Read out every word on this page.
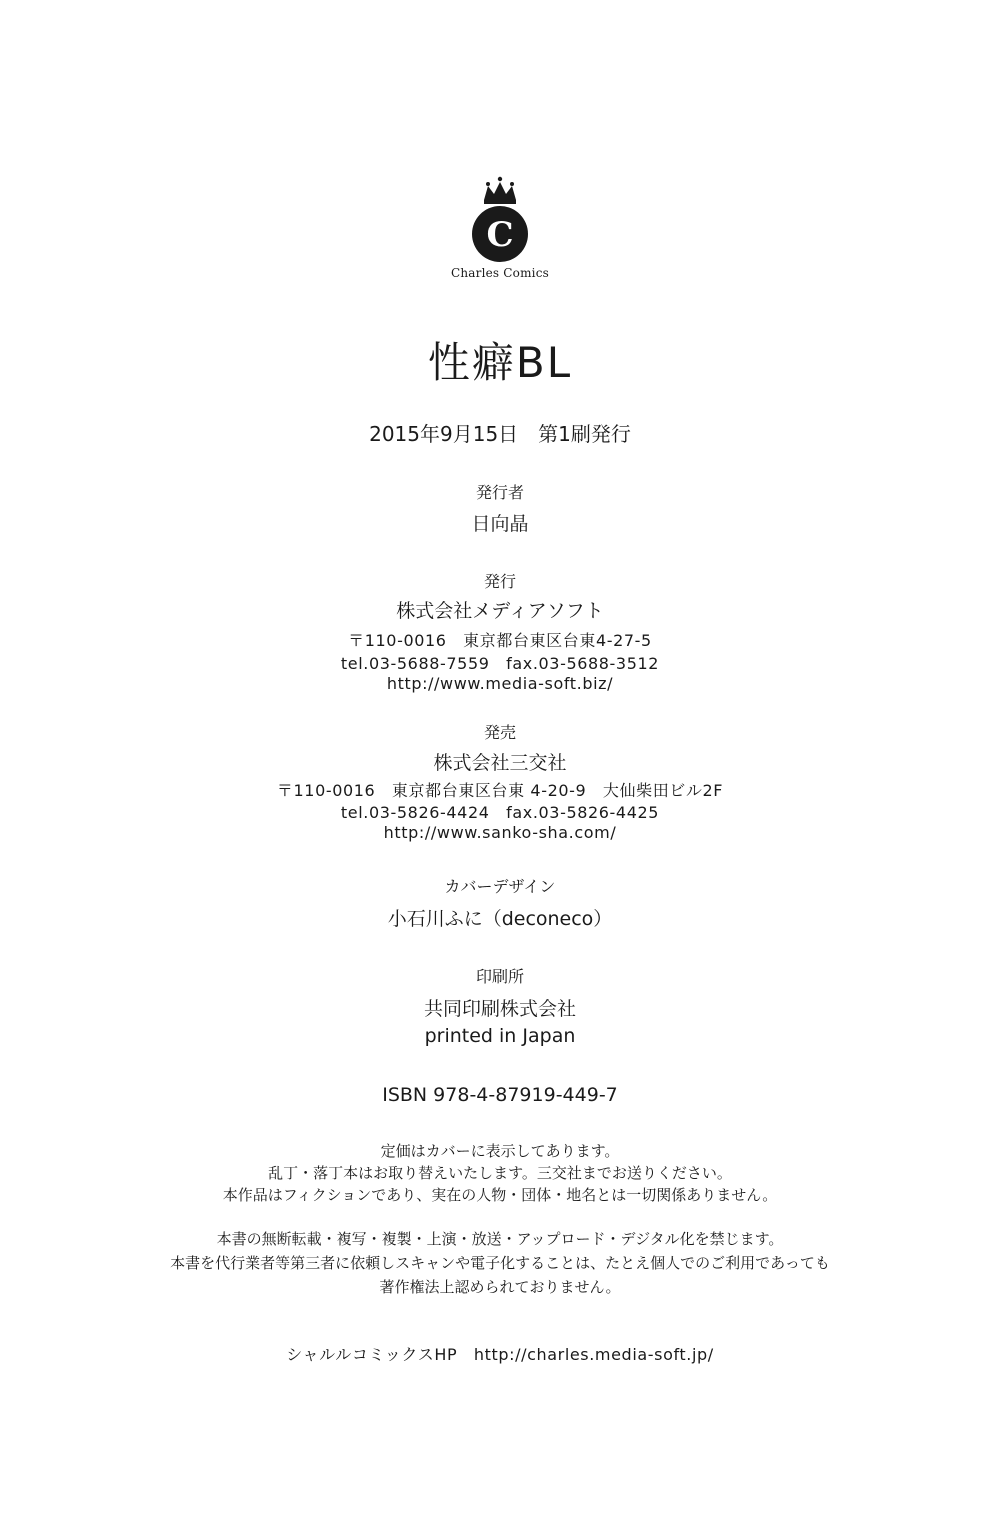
C
Charles Comics
性癖BL
2015年9月15日　第1刷発行
発行者
日向晶
発行
株式会社メディアソフト
〒110-0016　東京都台東区台東4-27-5
tel.03-5688-7559　fax.03-5688-3512
http://www.media-soft.biz/
発売
株式会社三交社
〒110-0016　東京都台東区台東 4-20-9　大仙柴田ビル2F
tel.03-5826-4424　fax.03-5826-4425
http://www.sanko-sha.com/
カバーデザイン
小石川ふに（deconeco）
印刷所
共同印刷株式会社
printed in Japan
ISBN 978-4-87919-449-7
定価はカバーに表示してあります。
乱丁・落丁本はお取り替えいたします。三交社までお送りください。
本作品はフィクションであり、実在の人物・団体・地名とは一切関係ありません。
本書の無断転載・複写・複製・上演・放送・アップロード・デジタル化を禁じます。
本書を代行業者等第三者に依頼しスキャンや電子化することは、たとえ個人でのご利用であっても
著作権法上認められておりません。
シャルルコミックスHP　http://charles.media-soft.jp/
